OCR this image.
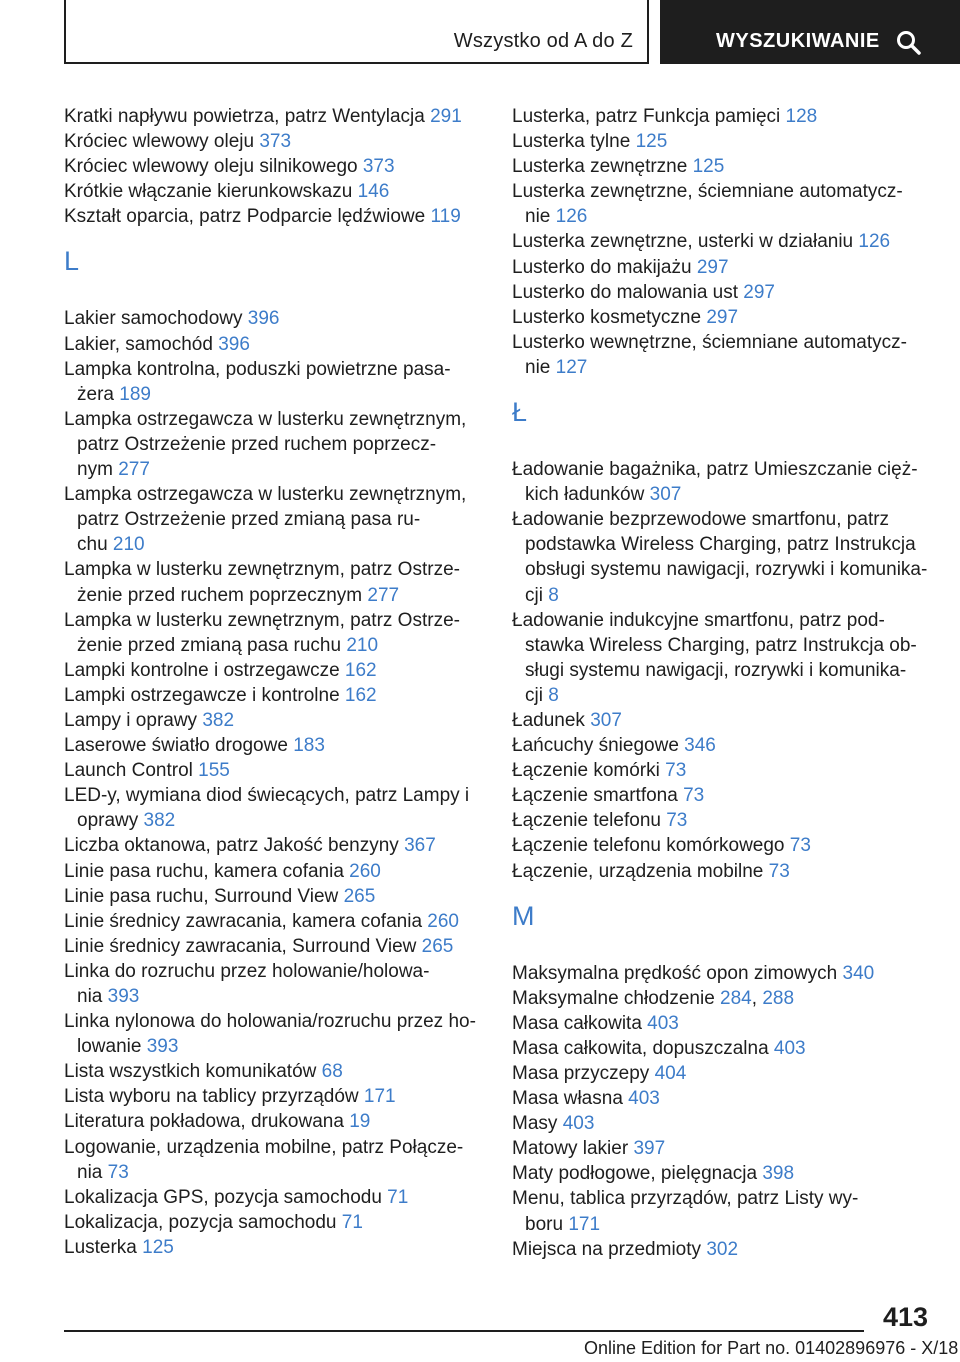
Wszystko od A do Z	WYSZUKIWANIE
Kratki napływu powietrza, patrz Wentylacja 291
Króciec wlewowy oleju 373
Króciec wlewowy oleju silnikowego 373
Krótkie włączanie kierunkowskazu 146
Kształt oparcia, patrz Podparcie lędźwiowe 119
L
Lakier samochodowy 396
Lakier, samochód 396
Lampka kontrolna, poduszki powietrzne pasa-
żera 189
Lampka ostrzegawcza w lusterku zewnętrznym,
patrz Ostrzeżenie przed ruchem poprzecz-
nym 277
Lampka ostrzegawcza w lusterku zewnętrznym,
patrz Ostrzeżenie przed zmianą pasa ru-
chu 210
Lampka w lusterku zewnętrznym, patrz Ostrze-
żenie przed ruchem poprzecznym 277
Lampka w lusterku zewnętrznym, patrz Ostrze-
żenie przed zmianą pasa ruchu 210
Lampki kontrolne i ostrzegawcze 162
Lampki ostrzegawcze i kontrolne 162
Lampy i oprawy 382
Laserowe światło drogowe 183
Launch Control 155
LED-y, wymiana diod świecących, patrz Lampy i
oprawy 382
Liczba oktanowa, patrz Jakość benzyny 367
Linie pasa ruchu, kamera cofania 260
Linie pasa ruchu, Surround View 265
Linie średnicy zawracania, kamera cofania 260
Linie średnicy zawracania, Surround View 265
Linka do rozruchu przez holowanie/holowa-
nia 393
Linka nylonowa do holowania/rozruchu przez ho-
lowanie 393
Lista wszystkich komunikatów 68
Lista wyboru na tablicy przyrządów 171
Literatura pokładowa, drukowana 19
Logowanie, urządzenia mobilne, patrz Połącze-
nia 73
Lokalizacja GPS, pozycja samochodu 71
Lokalizacja, pozycja samochodu 71
Lusterka 125
Lusterka, patrz Funkcja pamięci 128
Lusterka tylne 125
Lusterka zewnętrzne 125
Lusterka zewnętrzne, ściemniane automatycz-
nie 126
Lusterka zewnętrzne, usterki w działaniu 126
Lusterko do makijażu 297
Lusterko do malowania ust 297
Lusterko kosmetyczne 297
Lusterko wewnętrzne, ściemniane automatycz-
nie 127
Ł
Ładowanie bagażnika, patrz Umieszczanie cięż-
kich ładunków 307
Ładowanie bezprzewodowe smartfonu, patrz
podstawka Wireless Charging, patrz Instrukcja
obsługi systemu nawigacji, rozrywki i komunika-
cji 8
Ładowanie indukcyjne smartfonu, patrz pod-
stawka Wireless Charging, patrz Instrukcja ob-
sługi systemu nawigacji, rozrywki i komunika-
cji 8
Ładunek 307
Łańcuchy śniegowe 346
Łączenie komórki 73
Łączenie smartfona 73
Łączenie telefonu 73
Łączenie telefonu komórkowego 73
Łączenie, urządzenia mobilne 73
M
Maksymalna prędkość opon zimowych 340
Maksymalne chłodzenie 284, 288
Masa całkowita 403
Masa całkowita, dopuszczalna 403
Masa przyczepy 404
Masa własna 403
Masy 403
Matowy lakier 397
Maty podłogowe, pielęgnacja 398
Menu, tablica przyrządów, patrz Listy wy-
boru 171
Miejsca na przedmioty 302
413
Online Edition for Part no. 01402896976 - X/18
